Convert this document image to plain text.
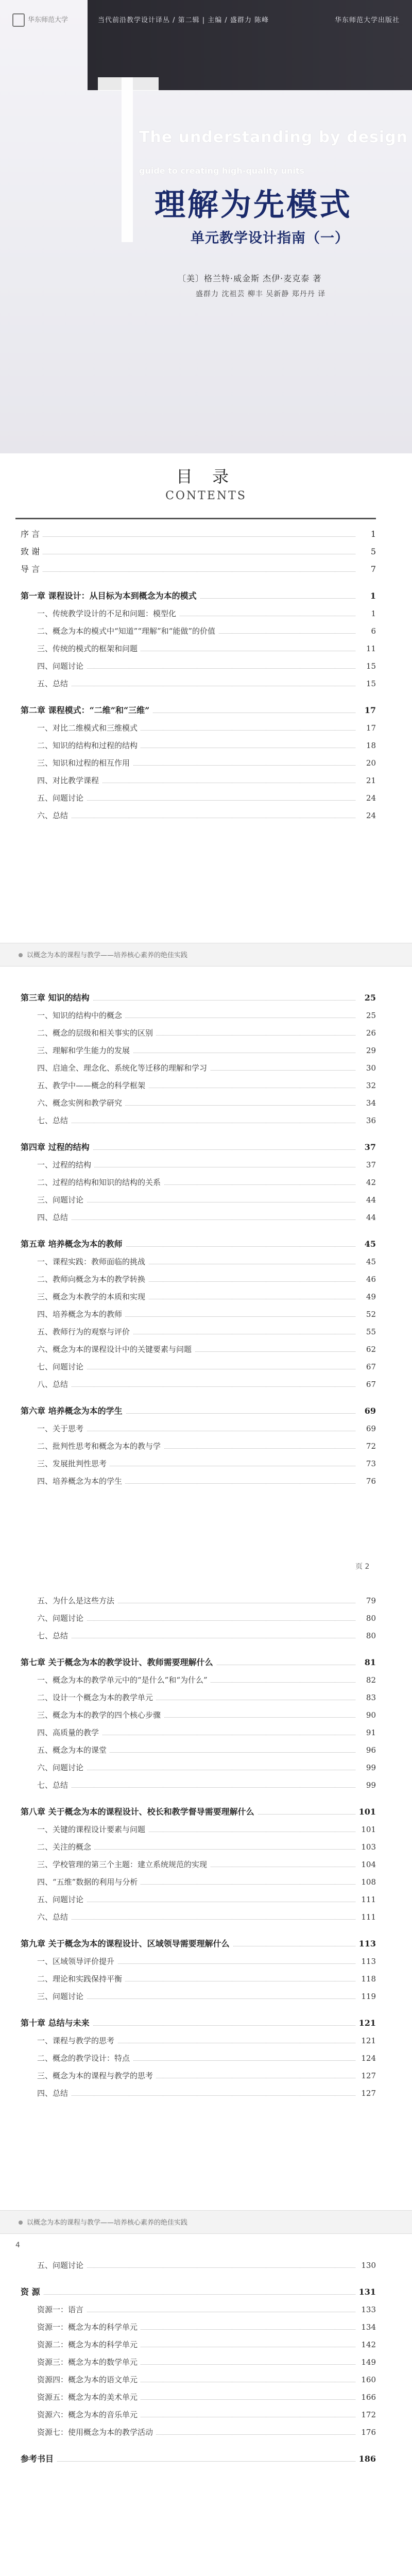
华东师范大学	当代前沿教学设计译丛 / 第二辑 | 主编 / 盛群力 陈峰	华东师范大学出版社
The understanding by design
guide to creating high-quality units
理解为先模式
单元教学设计指南（一）
〔美〕格兰特·威金斯 杰伊·麦克泰 著
盛群力 沈祖芸 柳丰 吴新静 郑丹丹 译
目 录
CONTENTS
序 言	1
致 谢	5
导 言	7
第一章 课程设计：从目标为本到概念为本的模式	1
一、传统教学设计的不足和问题：模型化	1
二、概念为本的模式中“知道”“理解”和“能做”的价值	6
三、传统的模式的框架和问题	11
四、问题讨论	15
五、总结	15
第二章 课程模式：“二维”和“三维”	17
一、对比二维模式和三维模式	17
二、知识的结构和过程的结构	18
三、知识和过程的相互作用	20
四、对比教学课程	21
五、问题讨论	24
六、总结	24
以概念为本的课程与教学——培养核心素养的绝佳实践
第三章 知识的结构	25
一、知识的结构中的概念	25
二、概念的层级和相关事实的区别	26
三、理解和学生能力的发展	29
四、启迪全、理念化、系统化等迁移的理解和学习	30
五、教学中——概念的科学框架	32
六、概念实例和教学研究	34
七、总结	36
第四章 过程的结构	37
一、过程的结构	37
二、过程的结构和知识的结构的关系	42
三、问题讨论	44
四、总结	44
第五章 培养概念为本的教师	45
一、课程实践：教师面临的挑战	45
二、教师向概念为本的教学转换	46
三、概念为本教学的本质和实现	49
四、培养概念为本的教师	52
五、教师行为的观察与评价	55
六、概念为本的课程设计中的关键要素与问题	62
七、问题讨论	67
八、总结	67
第六章 培养概念为本的学生	69
一、关于思考	69
二、批判性思考和概念为本的教与学	72
三、发展批判性思考	73
四、培养概念为本的学生	76
页 2
五、为什么是这些方法	79
六、问题讨论	80
七、总结	80
第七章 关于概念为本的教学设计、教师需要理解什么	81
一、概念为本的教学单元中的“是什么”和“为什么”	82
二、设计一个概念为本的教学单元	83
三、概念为本的教学的四个核心步骤	90
四、高质量的教学	91
五、概念为本的课堂	96
六、问题讨论	99
七、总结	99
第八章 关于概念为本的课程设计、校长和教学督导需要理解什么	101
一、关键的课程设计要素与问题	101
二、关注的概念	103
三、学校管理的第三个主题：建立系统规范的实现	104
四、“五维”数据的利用与分析	108
五、问题讨论	111
六、总结	111
第九章 关于概念为本的课程设计、区域领导需要理解什么	113
一、区域领导评价提升	113
二、理论和实践保持平衡	118
三、问题讨论	119
第十章 总结与未来	121
一、课程与教学的思考	121
二、概念的教学设计：特点	124
三、概念为本的课程与教学的思考	127
四、总结	127
以概念为本的课程与教学——培养核心素养的绝佳实践
4
五、问题讨论	130
资 源	131
资源一：语言	133
资源一：概念为本的科学单元	134
资源二：概念为本的科学单元	142
资源三：概念为本的数学单元	149
资源四：概念为本的语文单元	160
资源五：概念为本的美术单元	166
资源六：概念为本的音乐单元	172
资源七：使用概念为本的教学活动	176
参考书目	186
